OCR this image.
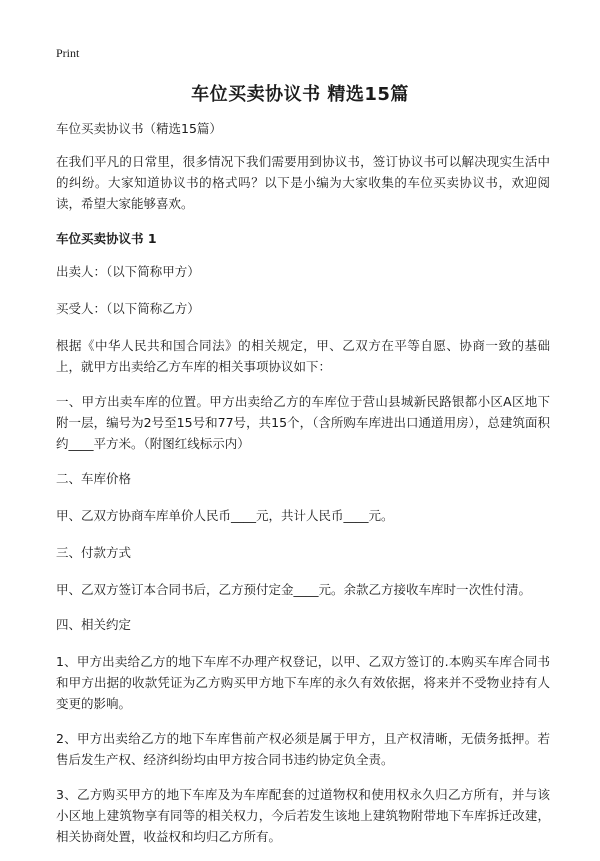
Print
车位买卖协议书 精选15篇

车位买卖协议书（精选15篇）

在我们平凡的日常里，很多情况下我们需要用到协议书，签订协议书可以解决现实生活中的纠纷。大家知道协议书的格式吗？以下是小编为大家收集的车位买卖协议书，欢迎阅读，希望大家能够喜欢。

车位买卖协议书 1

出卖人：（以下简称甲方）

买受人：（以下简称乙方）

根据《中华人民共和国合同法》的相关规定，甲、乙双方在平等自愿、协商一致的基础上，就甲方出卖给乙方车库的相关事项协议如下：

一、甲方出卖车库的位置。甲方出卖给乙方的车库位于营山县城新民路银都小区A区地下附一层，编号为2号至15号和77号，共15个，（含所购车库进出口通道用房），总建筑面积约____平方米。（附图红线标示内）

二、车库价格

甲、乙双方协商车库单价人民币____元，共计人民币____元。

三、付款方式

甲、乙双方签订本合同书后，乙方预付定金____元。余款乙方接收车库时一次性付清。

四、相关约定

1、甲方出卖给乙方的地下车库不办理产权登记，以甲、乙双方签订的.本购买车库合同书和甲方出据的收款凭证为乙方购买甲方地下车库的永久有效依据，将来并不受物业持有人变更的影响。

2、甲方出卖给乙方的地下车库售前产权必须是属于甲方，且产权清晰，无债务抵押。若售后发生产权、经济纠纷均由甲方按合同书违约协定负全责。

3、乙方购买甲方的地下车库及为车库配套的过道物权和使用权永久归乙方所有，并与该小区地上建筑物享有同等的相关权力，今后若发生该地上建筑物附带地下车库拆迁改建，相关协商处置，收益权和均归乙方所有。
